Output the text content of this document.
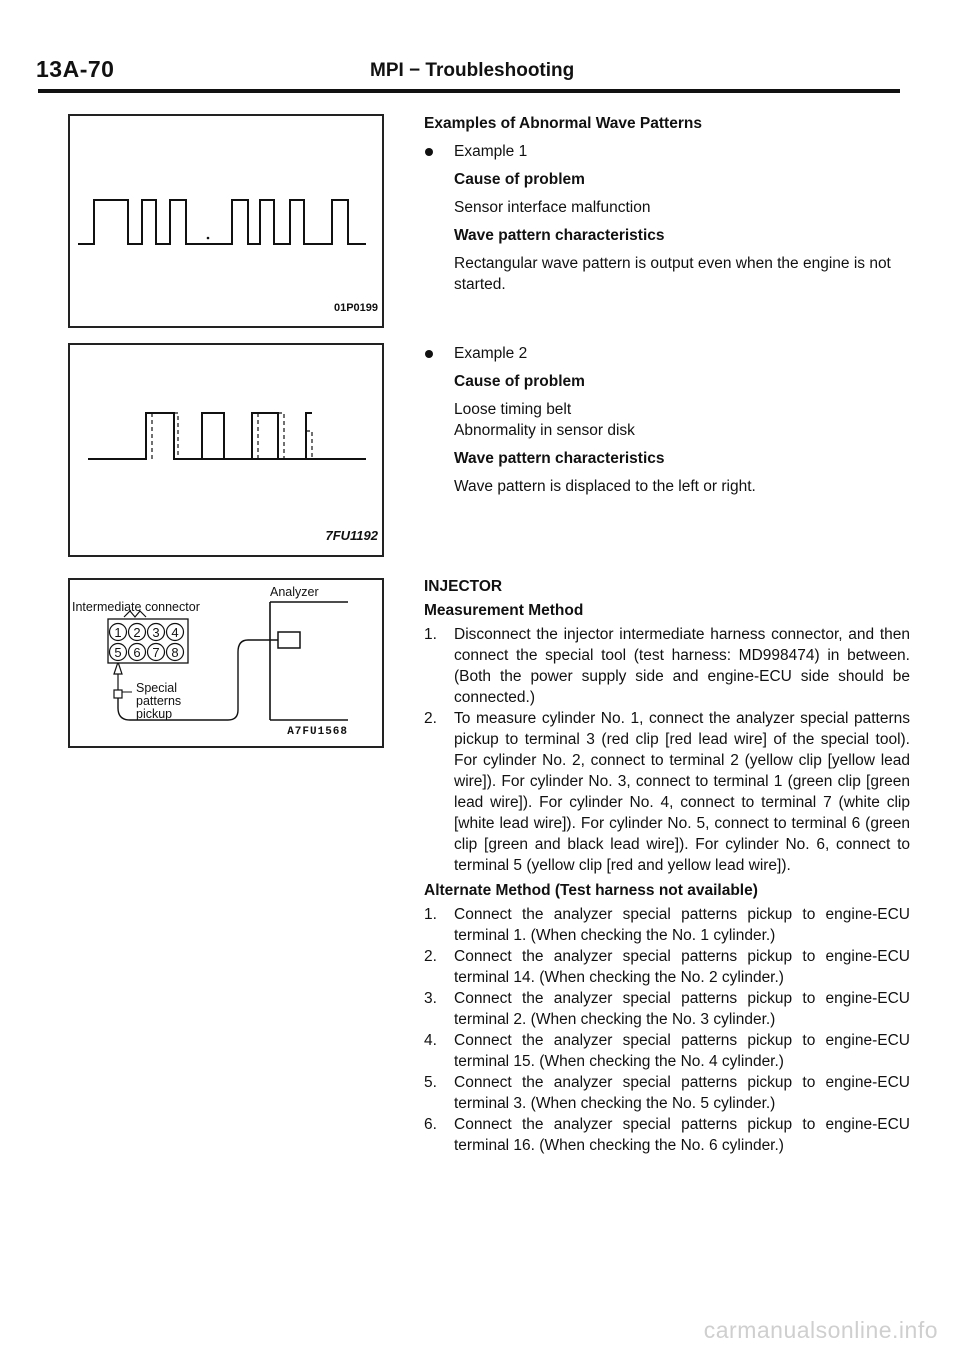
13A-70	MPI − Troubleshooting
01P0199
7FU1192
1 2 3 4
5 6 7 8
Analyzer
Intermediate connector
Special
patterns
pickup
A7FU1568
Examples of Abnormal Wave Patterns
Example 1
Cause of problem
Sensor interface malfunction
Wave pattern characteristics
Rectangular wave pattern is output even when the engine is not started.
Example 2
Cause of problem
Loose timing belt
Abnormality in sensor disk
Wave pattern characteristics
Wave pattern is displaced to the left or right.
INJECTOR
Measurement Method
1. Disconnect the injector intermediate harness connector, and then connect the special tool (test harness: MD998474) in between. (Both the power supply side and engine-ECU side should be connected.)
2. To measure cylinder No. 1, connect the analyzer special patterns pickup to terminal 3 (red clip [red lead wire] of the special tool). For cylinder No. 2, connect to terminal 2 (yellow clip [yellow lead wire]). For cylinder No. 3, connect to terminal 1 (green clip [green lead wire]). For cylinder No. 4, connect to terminal 7 (white clip [white lead wire]). For cylinder No. 5, connect to terminal 6 (green clip [green and black lead wire]). For cylinder No. 6, connect to terminal 5 (yellow clip [red and yellow lead wire]).
Alternate Method (Test harness not available)
1. Connect the analyzer special patterns pickup to engine-ECU terminal 1. (When checking the No. 1 cylinder.)
2. Connect the analyzer special patterns pickup to engine-ECU terminal 14. (When checking the No. 2 cylinder.)
3. Connect the analyzer special patterns pickup to engine-ECU terminal 2. (When checking the No. 3 cylinder.)
4. Connect the analyzer special patterns pickup to engine-ECU terminal 15. (When checking the No. 4 cylinder.)
5. Connect the analyzer special patterns pickup to engine-ECU terminal 3. (When checking the No. 5 cylinder.)
6. Connect the analyzer special patterns pickup to engine-ECU terminal 16. (When checking the No. 6 cylinder.)
carmanualsonline.info
